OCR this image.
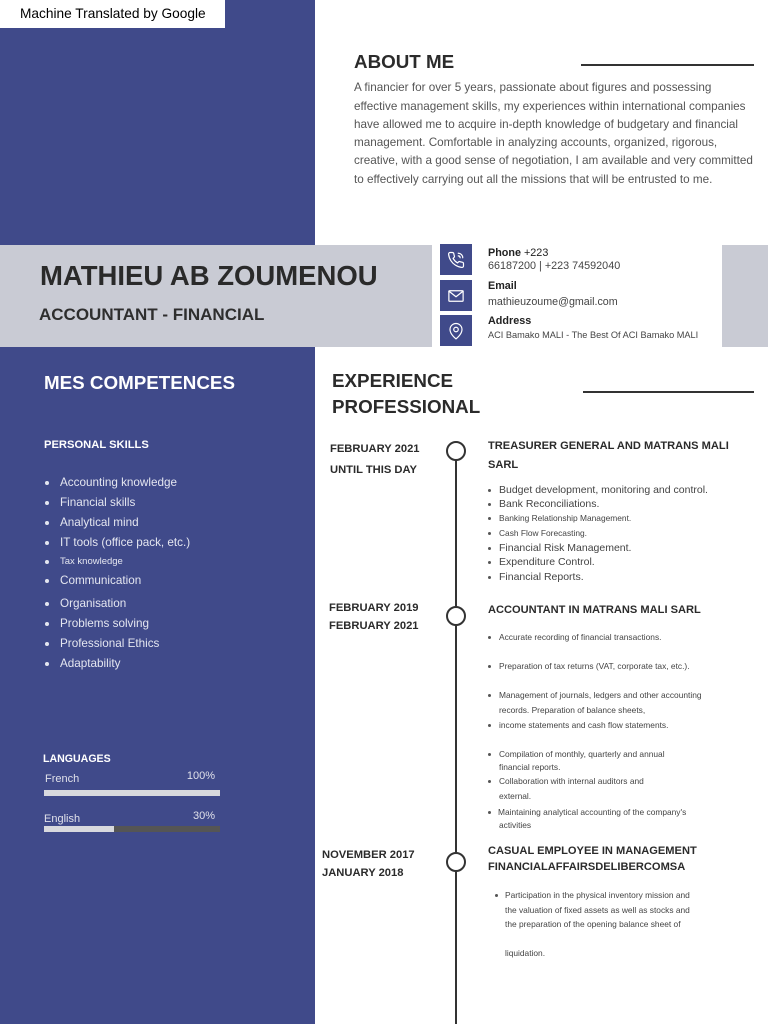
Machine Translated by Google
ABOUT ME
A financier for over 5 years, passionate about figures and possessing
effective management skills, my experiences within international companies
have allowed me to acquire in-depth knowledge of budgetary and financial
management. Comfortable in analyzing accounts, organized, rigorous,
creative, with a good sense of negotiation, I am available and very committed
to effectively carrying out all the missions that will be entrusted to me.
MATHIEU AB ZOUMENOU
ACCOUNTANT - FINANCIAL
Phone +223
66187200 | +223 74592040
Email
mathieuzoume@gmail.com
Address
ACI Bamako MALI - The Best Of ACI Bamako MALI
MES COMPETENCES
PERSONAL SKILLS
Accounting knowledge
Financial skills
Analytical mind
IT tools (office pack, etc.)
Tax knowledge
Communication
Organisation
Problems solving
Professional Ethics
Adaptability
LANGUAGES
French	100%
English	30%
EXPERIENCE
PROFESSIONAL
FEBRUARY 2021
UNTIL THIS DAY
TREASURER GENERAL AND MATRANS MALI
SARL
Budget development, monitoring and control.
Bank Reconciliations.
Banking Relationship Management.
Cash Flow Forecasting.
Financial Risk Management.
Expenditure Control.
Financial Reports.
FEBRUARY 2019
FEBRUARY 2021
ACCOUNTANT IN MATRANS MALI SARL
Accurate recording of financial transactions.
Preparation of tax returns (VAT, corporate tax, etc.).
Management of journals, ledgers and other accounting
records. Preparation of balance sheets,
income statements and cash flow statements.
Compilation of monthly, quarterly and annual
financial reports.
Collaboration with internal auditors and
external.
Maintaining analytical accounting of the company's
activities
NOVEMBER 2017
JANUARY 2018
CASUAL EMPLOYEE IN MANAGEMENT
FINANCIALAFFAIRSDELIBERCOMSA
Participation in the physical inventory mission and
the valuation of fixed assets as well as stocks and
the preparation of the opening balance sheet of
liquidation.
